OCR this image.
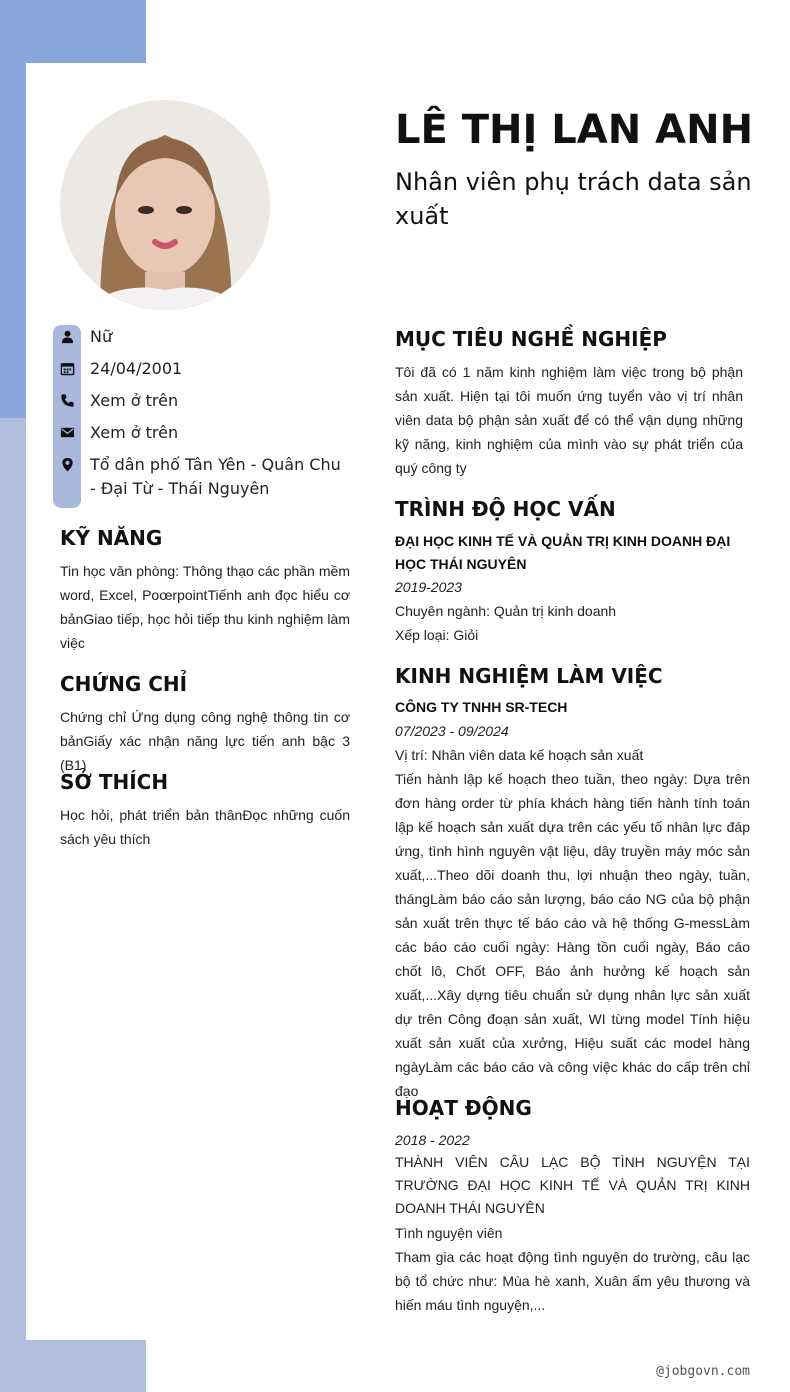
LÊ THỊ LAN ANH
Nhân viên phụ trách data sản xuất
Nữ
24/04/2001
Xem ở trên
Xem ở trên
Tổ dân phố Tân Yên - Quân Chu - Đại Từ - Thái Nguyên
KỸ NĂNG
Tin học văn phòng: Thông thạo các phần mềm word, Excel, PoœrpointTiếnh anh đọc hiểu cơ bảnGiao tiếp, học hỏi tiếp thu kinh nghiệm làm việc
CHỨNG CHỈ
Chứng chỉ Ứng dụng công nghệ thông tin cơ bảnGiấy xác nhận năng lực tiến anh bậc 3 (B1)
SỞ THÍCH
Học hỏi, phát triển bản thânĐọc những cuốn sách yêu thích
MỤC TIÊU NGHỀ NGHIỆP
Tôi đã có 1 năm kinh nghiệm làm việc trong bộ phận sản xuất. Hiện tại tôi muốn ứng tuyển vào vị trí nhân viên data bộ phận sản xuất để có thể vận dụng những kỹ năng, kinh nghiệm của mình vào sự phát triển của quý công ty
TRÌNH ĐỘ HỌC VẤN
ĐẠI HỌC KINH TẾ VÀ QUẢN TRỊ KINH DOANH ĐẠI HỌC THÁI NGUYÊN
2019-2023
Chuyên ngành: Quản trị kinh doanh
Xếp loại: Giỏi
KINH NGHIỆM LÀM VIỆC
CÔNG TY TNHH SR-TECH
07/2023 - 09/2024
Vị trí: Nhân viên data kế hoạch sản xuất
Tiến hành lập kế hoạch theo tuần, theo ngày: Dựa trên đơn hàng order từ phía khách hàng tiến hành tính toán lập kế hoạch sản xuất dựa trên các yếu tố nhân lực đáp ứng, tình hình nguyên vật liệu, dây truyền máy móc sản xuất,...Theo dõi doanh thu, lợi nhuận theo ngày, tuần, thángLàm báo cáo sản lượng, báo cáo NG của bộ phận sản xuất trên thực tế báo cáo và hệ thống G-messLàm các báo cáo cuối ngày: Hàng tồn cuối ngày, Báo cáo chốt lô, Chốt OFF, Báo ảnh hưởng kế hoạch sản xuất,...Xây dựng tiêu chuẩn sử dụng nhân lực sản xuất dự trên Công đoạn sản xuất, WI từng model Tính hiệu xuất sản xuất của xưởng, Hiệu suất các model hàng ngàyLàm các báo cáo và công việc khác do cấp trên chỉ đạo
HOẠT ĐỘNG
2018 - 2022
THÀNH VIÊN CÂU LẠC BỘ TÌNH NGUYỆN TẠI TRƯỜNG ĐẠI HỌC KINH TẾ VÀ QUẢN TRỊ KINH DOANH THÁI NGUYÊN
Tình nguyện viên
Tham gia các hoạt động tình nguyện do trường, câu lạc bộ tổ chức như: Mùa hè xanh, Xuân ấm yêu thương và hiến máu tình nguyện,...
@jobgovn.com
